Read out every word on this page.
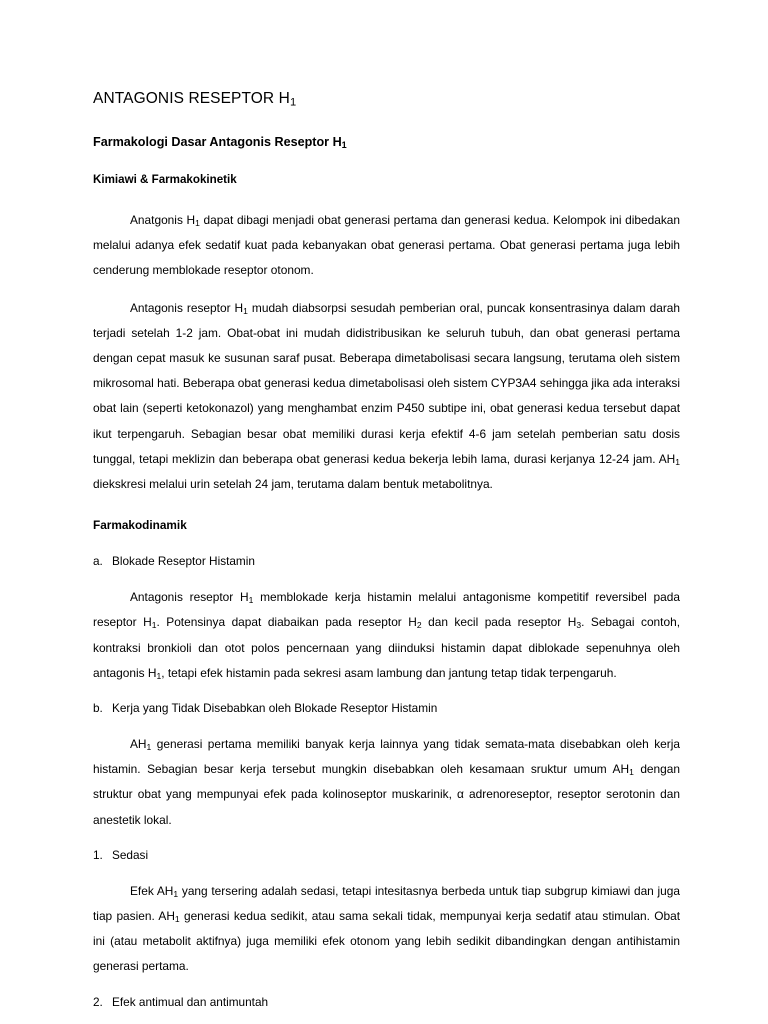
ANTAGONIS RESEPTOR $H_1$
Farmakologi Dasar Antagonis Reseptor $H_1$
Kimiawi & Farmakokinetik

Anatgonis $H_1$ dapat dibagi menjadi obat generasi pertama dan generasi kedua. Kelompok ini dibedakan melalui adanya efek sedatif kuat pada kebanyakan obat generasi pertama. Obat generasi pertama juga lebih cenderung memblokade reseptor otonom.

Antagonis reseptor $H_1$ mudah diabsorpsi sesudah pemberian oral, puncak konsentrasinya dalam darah terjadi setelah 1-2 jam. Obat-obat ini mudah didistribusikan ke seluruh tubuh, dan obat generasi pertama dengan cepat masuk ke susunan saraf pusat. Beberapa dimetabolisasi secara langsung, terutama oleh sistem mikrosomal hati. Beberapa obat generasi kedua dimetabolisasi oleh sistem CYP3A4 sehingga jika ada interaksi obat lain (seperti ketokonazol) yang menghambat enzim P450 subtipe ini, obat generasi kedua tersebut dapat ikut terpengaruh. Sebagian besar obat memiliki durasi kerja efektif 4-6 jam setelah pemberian satu dosis tunggal, tetapi meklizin dan beberapa obat generasi kedua bekerja lebih lama, durasi kerjanya 12-24 jam. $AH_1$ diekskresi melalui urin setelah 24 jam, terutama dalam bentuk metabolitnya.

Farmakodinamik
a. Blokade Reseptor Histamin

Antagonis reseptor $H_1$ memblokade kerja histamin melalui antagonisme kompetitif reversibel pada reseptor $H_1$. Potensinya dapat diabaikan pada reseptor $H_2$ dan kecil pada reseptor $H_3$. Sebagai contoh, kontraksi bronkioli dan otot polos pencernaan yang diinduksi histamin dapat diblokade sepenuhnya oleh antagonis $H_1$, tetapi efek histamin pada sekresi asam lambung dan jantung tetap tidak terpengaruh.

b. Kerja yang Tidak Disebabkan oleh Blokade Reseptor Histamin

$AH_1$ generasi pertama memiliki banyak kerja lainnya yang tidak semata-mata disebabkan oleh kerja histamin. Sebagian besar kerja tersebut mungkin disebabkan oleh kesamaan sruktur umum $AH_1$ dengan struktur obat yang mempunyai efek pada kolinoseptor muskarinik, α adrenoreseptor, reseptor serotonin dan anestetik lokal.

1. Sedasi

Efek $AH_1$ yang tersering adalah sedasi, tetapi intesitasnya berbeda untuk tiap subgrup kimiawi dan juga tiap pasien. $AH_1$ generasi kedua sedikit, atau sama sekali tidak, mempunyai kerja sedatif atau stimulan. Obat ini (atau metabolit aktifnya) juga memiliki efek otonom yang lebih sedikit dibandingkan dengan antihistamin generasi pertama.

2. Efek antimual dan antimuntah
